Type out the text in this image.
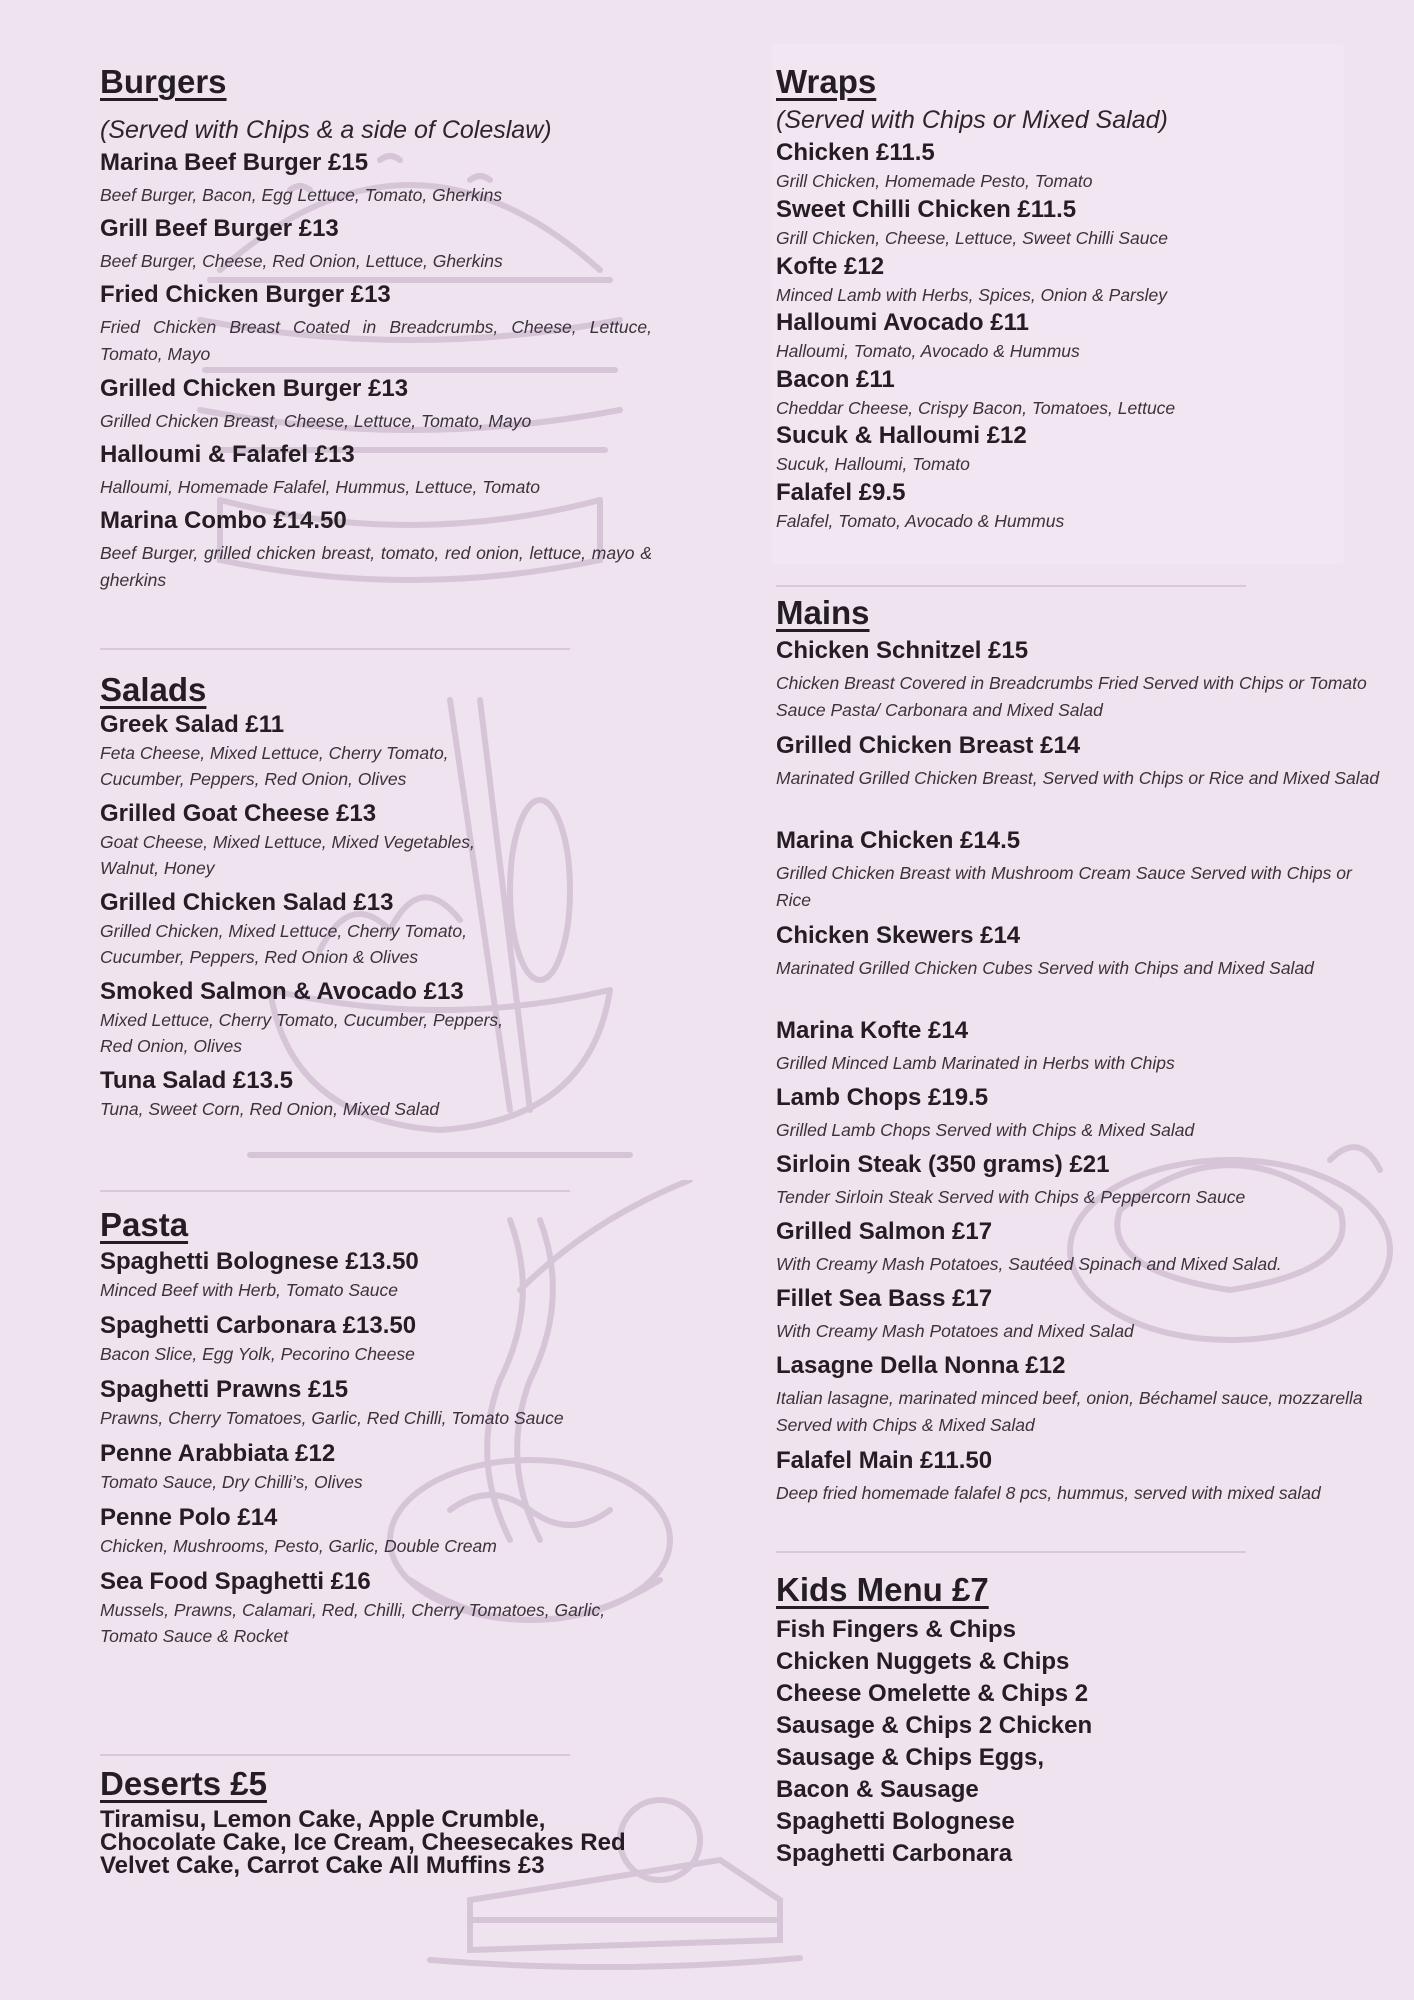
Burgers

(Served with Chips & a side of Coleslaw)

Marina Beef Burger £15

Beef Burger, Bacon, Egg Lettuce, Tomato, Gherkins

Grill Beef Burger £13

Beef Burger, Cheese, Red Onion, Lettuce, Gherkins

Fried Chicken Burger £13

Fried Chicken Breast Coated in Breadcrumbs, Cheese, Lettuce, Tomato, Mayo

Grilled Chicken Burger £13

Grilled Chicken Breast, Cheese, Lettuce, Tomato, Mayo

Halloumi & Falafel £13

Halloumi, Homemade Falafel, Hummus, Lettuce, Tomato

Marina Combo £14.50

Beef Burger, grilled chicken breast, tomato, red onion, lettuce, mayo & gherkins

Salads

Greek Salad £11

Feta Cheese, Mixed Lettuce, Cherry Tomato, Cucumber, Peppers, Red Onion, Olives

Grilled Goat Cheese £13

Goat Cheese, Mixed Lettuce, Mixed Vegetables, Walnut, Honey

Grilled Chicken Salad £13

Grilled Chicken, Mixed Lettuce, Cherry Tomato, Cucumber, Peppers, Red Onion & Olives

Smoked Salmon & Avocado £13

Mixed Lettuce, Cherry Tomato, Cucumber, Peppers, Red Onion, Olives

Tuna Salad £13.5

Tuna, Sweet Corn, Red Onion, Mixed Salad

Pasta

Spaghetti Bolognese £13.50

Minced Beef with Herb, Tomato Sauce

Spaghetti Carbonara £13.50

Bacon Slice, Egg Yolk, Pecorino Cheese

Spaghetti Prawns £15

Prawns, Cherry Tomatoes, Garlic, Red Chilli, Tomato Sauce

Penne Arabbiata £12

Tomato Sauce, Dry Chilli’s, Olives

Penne Polo £14

Chicken, Mushrooms, Pesto, Garlic, Double Cream

Sea Food Spaghetti £16

Mussels, Prawns, Calamari, Red, Chilli, Cherry Tomatoes, Garlic, Tomato Sauce & Rocket

Deserts £5

Tiramisu, Lemon Cake, Apple Crumble, Chocolate Cake, Ice Cream, Cheesecakes Red Velvet Cake, Carrot Cake All Muffins £3

Wraps

(Served with Chips or Mixed Salad)

Chicken £11.5

Grill Chicken, Homemade Pesto, Tomato

Sweet Chilli Chicken £11.5

Grill Chicken, Cheese, Lettuce, Sweet Chilli Sauce

Kofte £12

Minced Lamb with Herbs, Spices, Onion & Parsley

Halloumi Avocado £11

Halloumi, Tomato, Avocado & Hummus

Bacon £11

Cheddar Cheese, Crispy Bacon, Tomatoes, Lettuce

Sucuk & Halloumi £12

Sucuk, Halloumi, Tomato

Falafel £9.5

Falafel, Tomato, Avocado & Hummus

Mains

Chicken Schnitzel £15

Chicken Breast Covered in Breadcrumbs Fried Served with Chips or Tomato Sauce Pasta/ Carbonara and Mixed Salad

Grilled Chicken Breast £14

Marinated Grilled Chicken Breast, Served with Chips or Rice and Mixed Salad

Marina Chicken £14.5

Grilled Chicken Breast with Mushroom Cream Sauce Served with Chips or Rice

Chicken Skewers £14

Marinated Grilled Chicken Cubes Served with Chips and Mixed Salad

Marina Kofte £14

Grilled Minced Lamb Marinated in Herbs with Chips

Lamb Chops £19.5

Grilled Lamb Chops Served with Chips & Mixed Salad

Sirloin Steak (350 grams) £21

Tender Sirloin Steak Served with Chips & Peppercorn Sauce

Grilled Salmon £17

With Creamy Mash Potatoes, Sautéed Spinach and Mixed Salad.

Fillet Sea Bass £17

With Creamy Mash Potatoes and Mixed Salad

Lasagne Della Nonna £12

Italian lasagne, marinated minced beef, onion, Béchamel sauce, mozzarella Served with Chips & Mixed Salad

Falafel Main £11.50

Deep fried homemade falafel 8 pcs, hummus, served with mixed salad

Kids Menu £7

Fish Fingers & Chips

Chicken Nuggets & Chips

Cheese Omelette & Chips 2

Sausage & Chips 2 Chicken

Sausage & Chips Eggs,

Bacon & Sausage

Spaghetti Bolognese

Spaghetti Carbonara
